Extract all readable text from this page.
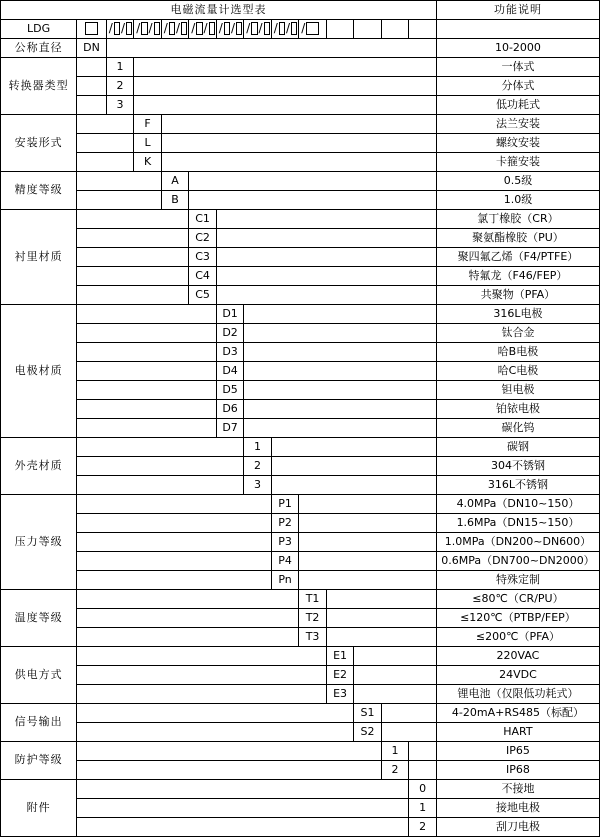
电磁流量计选型表														功能说明
LDG		/ /	/ /	/ /	/ /	/ /	/ /	/ /	/					

公称直径	DN													10-2000
转换器类型		1												一体式
		2												分体式
		3												低功耗式
安装形式			F											法兰安装
			L											螺纹安装
			K											卡箍安装
精度等级				A										0.5级
				B										1.0级
衬里材质					C1									氯丁橡胶（CR）
					C2									聚氨酯橡胶（PU）
					C3									聚四氟乙烯（F4/PTFE）
					C4									特氟龙（F46/FEP）
					C5									共聚物（PFA）
电极材质						D1								316L电极
						D2								钛合金
						D3								哈B电极
						D4								哈C电极
						D5								钽电极
						D6								铂铱电极
						D7								碳化钨
外壳材质							1							碳钢
							2							304不锈钢
							3							316L不锈钢
压力等级								P1						4.0MPa（DN10~150）
								P2						1.6MPa（DN15~150）
								P3						1.0MPa（DN200~DN600）
								P4						0.6MPa（DN700~DN2000）
								Pn						特殊定制
温度等级									T1					≤80℃（CR/PU）
									T2					≤120℃（PTBP/FEP）
									T3					≤200℃（PFA）
供电方式										E1				220VAC
										E2				24VDC
										E3				锂电池（仅限低功耗式）
信号输出											S1			4-20mA+RS485（标配）
											S2			HART
防护等级												1		IP65
												2		IP68
附件													0	不接地
													1	接地电极
													2	刮刀电极
